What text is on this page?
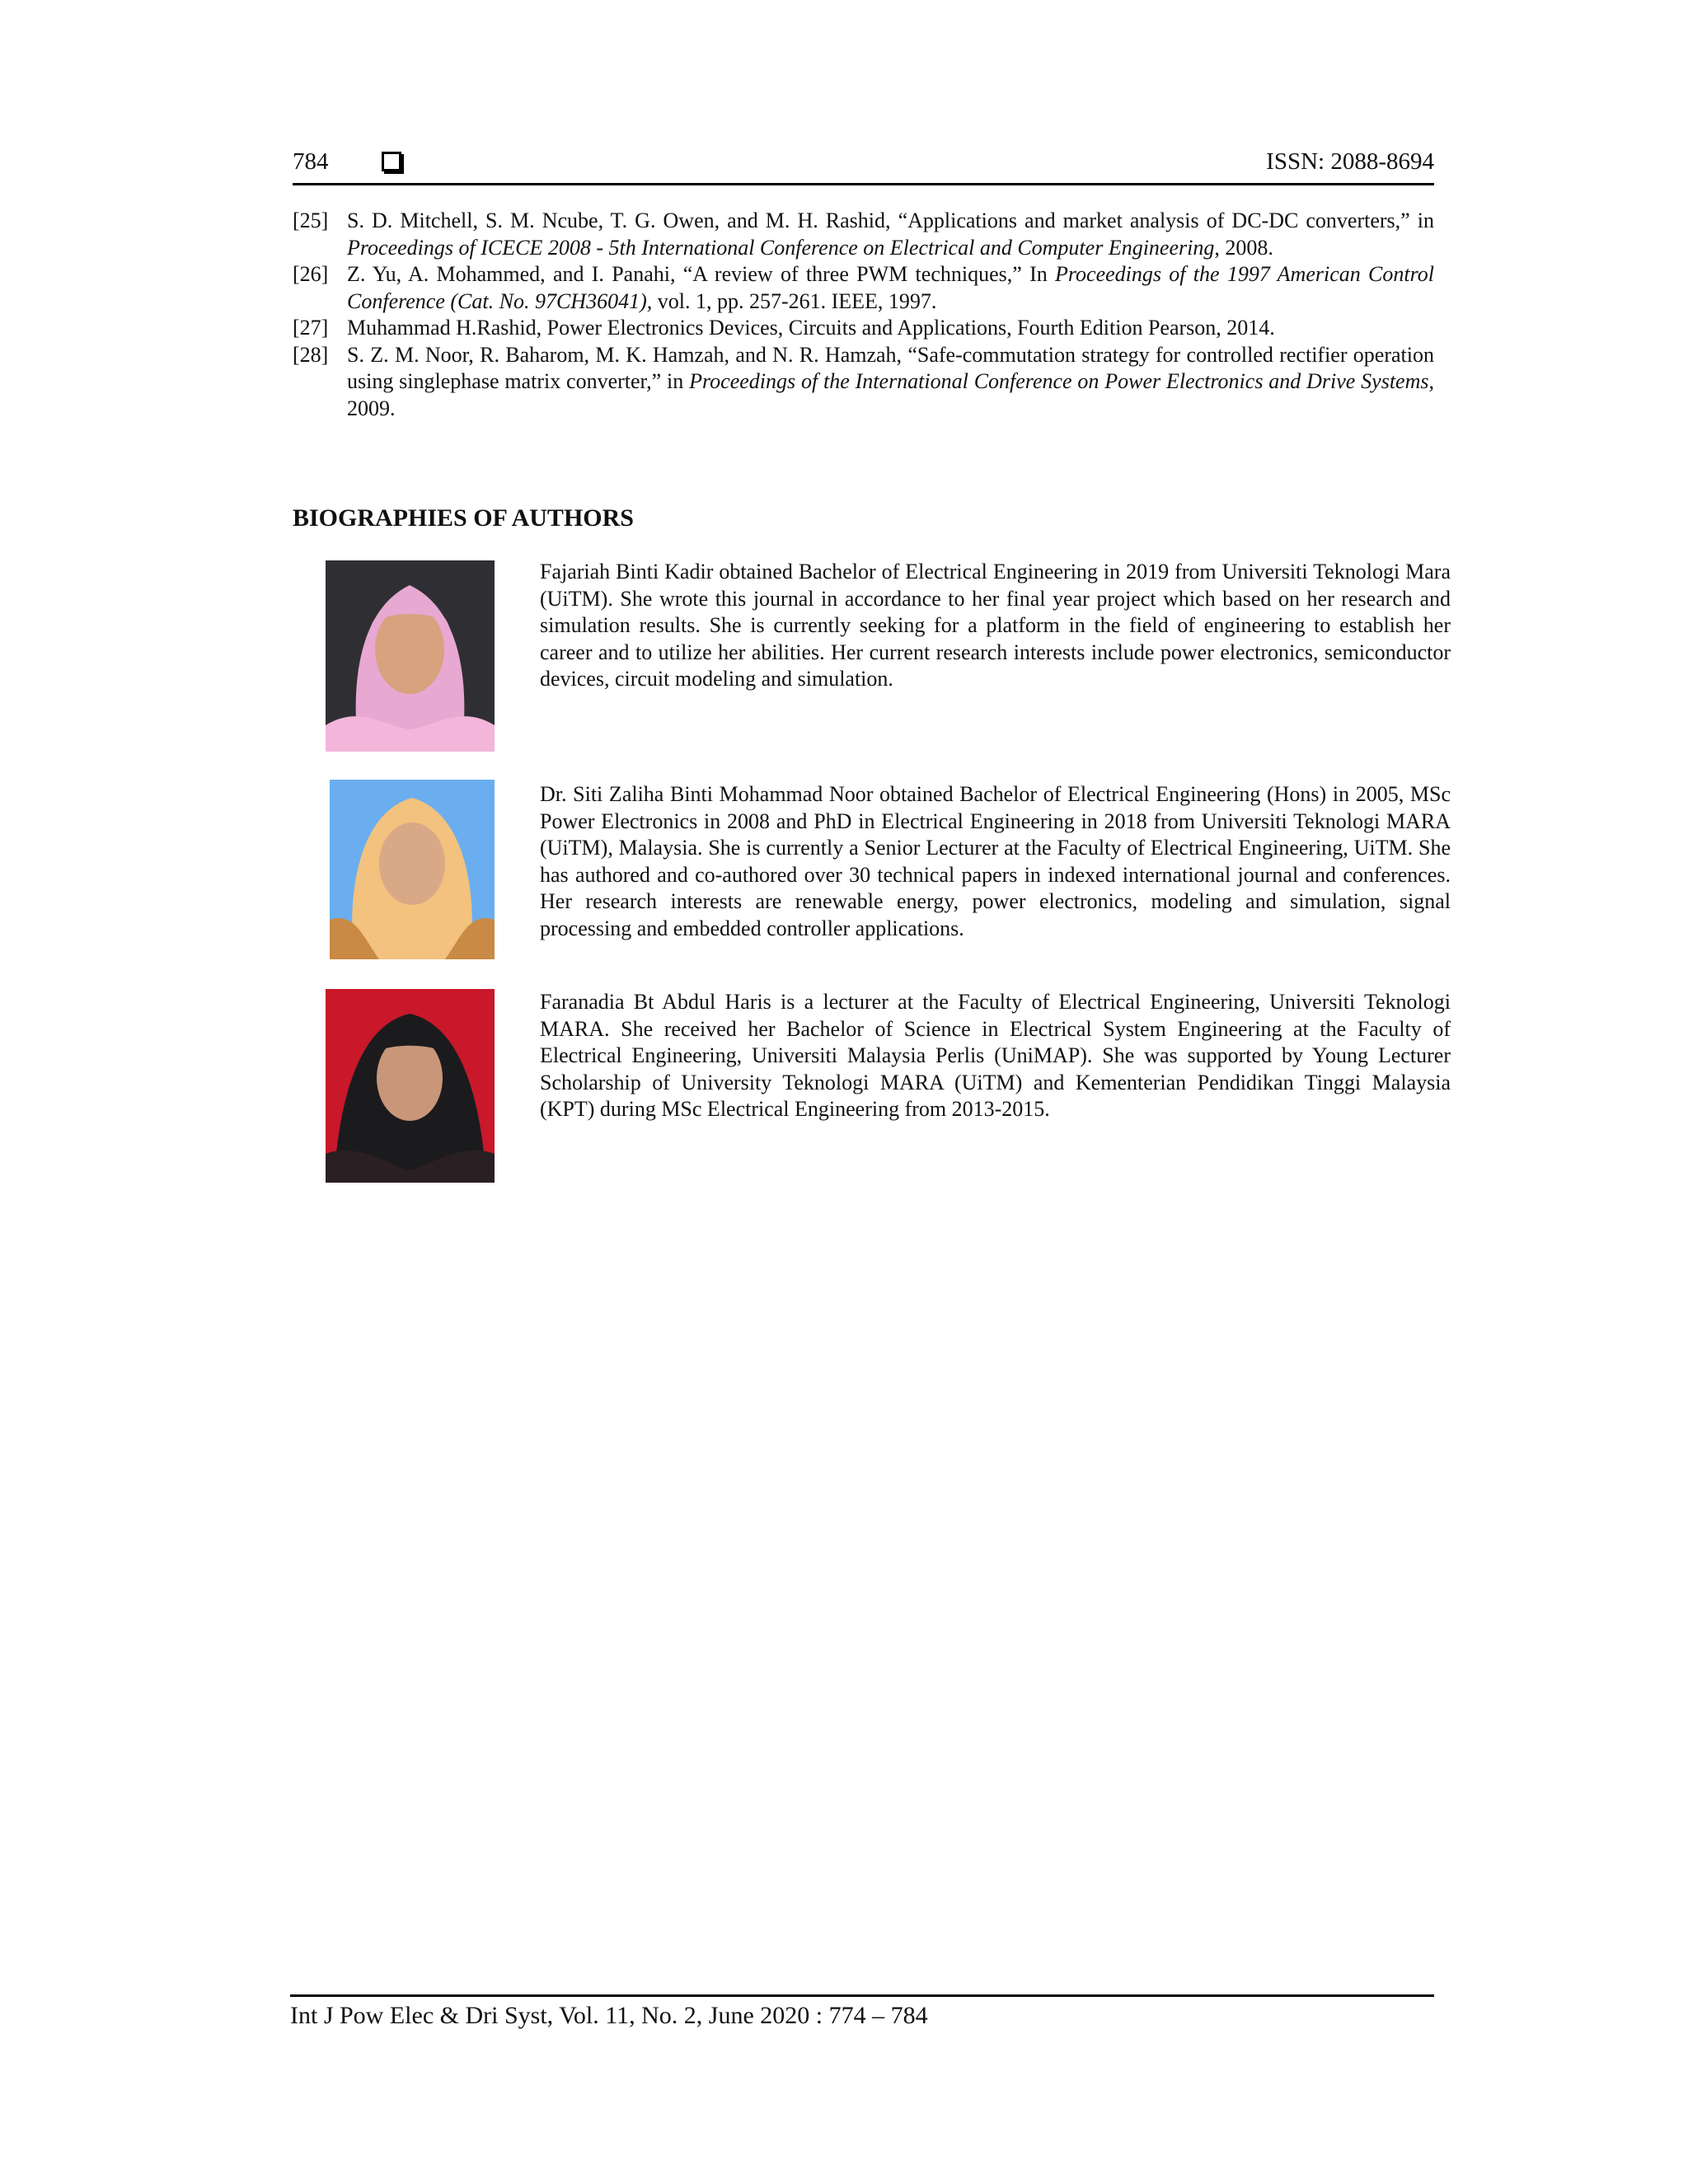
784	ISSN: 2088-8694
[25] S. D. Mitchell, S. M. Ncube, T. G. Owen, and M. H. Rashid, “Applications and market analysis of DC-DC converters,” in Proceedings of ICECE 2008 - 5th International Conference on Electrical and Computer Engineering, 2008.
[26] Z. Yu, A. Mohammed, and I. Panahi, “A review of three PWM techniques,” In Proceedings of the 1997 American Control Conference (Cat. No. 97CH36041), vol. 1, pp. 257-261. IEEE, 1997.
[27] Muhammad H.Rashid, Power Electronics Devices, Circuits and Applications, Fourth Edition Pearson, 2014.
[28] S. Z. M. Noor, R. Baharom, M. K. Hamzah, and N. R. Hamzah, “Safe-commutation strategy for controlled rectifier operation using singlephase matrix converter,” in Proceedings of the International Conference on Power Electronics and Drive Systems, 2009.
BIOGRAPHIES OF AUTHORS
Fajariah Binti Kadir obtained Bachelor of Electrical Engineering in 2019 from Universiti Teknologi Mara (UiTM). She wrote this journal in accordance to her final year project which based on her research and simulation results. She is currently seeking for a platform in the field of engineering to establish her career and to utilize her abilities. Her current research interests include power electronics, semiconductor devices, circuit modeling and simulation.
Dr. Siti Zaliha Binti Mohammad Noor obtained Bachelor of Electrical Engineering (Hons) in 2005, MSc Power Electronics in 2008 and PhD in Electrical Engineering in 2018 from Universiti Teknologi MARA (UiTM), Malaysia. She is currently a Senior Lecturer at the Faculty of Electrical Engineering, UiTM. She has authored and co-authored over 30 technical papers in indexed international journal and conferences. Her research interests are renewable energy, power electronics, modeling and simulation, signal processing and embedded controller applications.
Faranadia Bt Abdul Haris is a lecturer at the Faculty of Electrical Engineering, Universiti Teknologi MARA. She received her Bachelor of Science in Electrical System Engineering at the Faculty of Electrical Engineering, Universiti Malaysia Perlis (UniMAP). She was supported by Young Lecturer Scholarship of University Teknologi MARA (UiTM) and Kementerian Pendidikan Tinggi Malaysia (KPT) during MSc Electrical Engineering from 2013-2015.
Int J Pow Elec & Dri Syst, Vol. 11, No. 2, June 2020 : 774 – 784
